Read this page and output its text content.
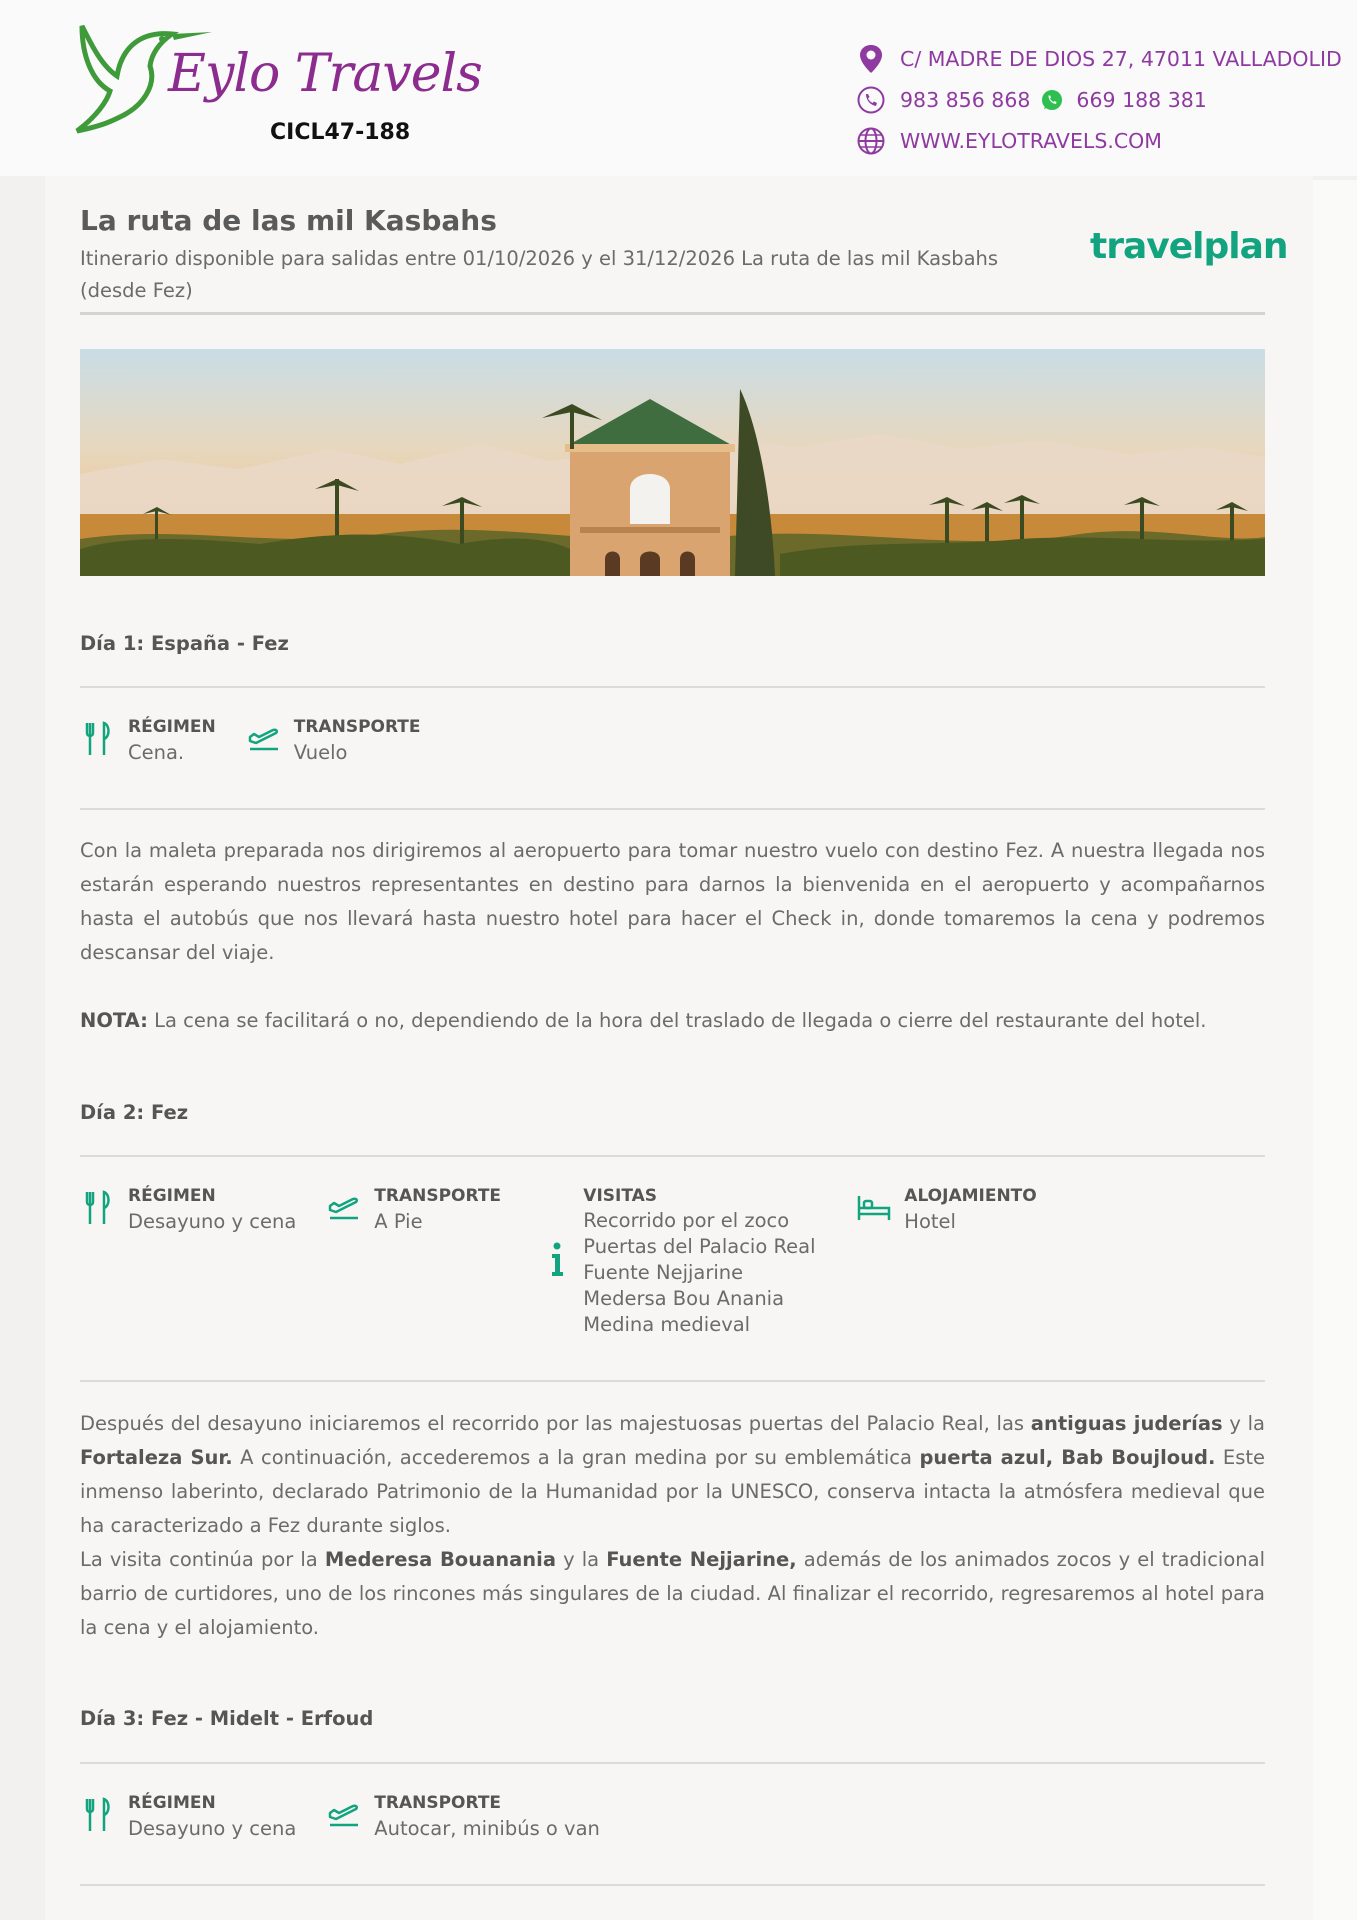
Eylo Travels
CICL47-188
C/ MADRE DE DIOS 27, 47011 VALLADOLID
983 856 868 669 188 381
WWW.EYLOTRAVELS.COM
La ruta de las mil Kasbahs
Itinerario disponible para salidas entre 01/10/2026 y el 31/12/2026 La ruta de las mil Kasbahs (desde Fez)
travelplan
Día 1: España - Fez
RÉGIMEN
Cena.
TRANSPORTE
Vuelo
Con la maleta preparada nos dirigiremos al aeropuerto para tomar nuestro vuelo con destino Fez. A nuestra llegada nos estarán esperando nuestros representantes en destino para darnos la bienvenida en el aeropuerto y acompañarnos hasta el autobús que nos llevará hasta nuestro hotel para hacer el Check in, donde tomaremos la cena y podremos descansar del viaje.
NOTA: La cena se facilitará o no, dependiendo de la hora del traslado de llegada o cierre del restaurante del hotel.
Día 2: Fez
RÉGIMEN
Desayuno y cena
TRANSPORTE
A Pie
VISITAS
Recorrido por el zoco
Puertas del Palacio Real
Fuente Nejjarine
Medersa Bou Anania
Medina medieval
ALOJAMIENTO
Hotel
Después del desayuno iniciaremos el recorrido por las majestuosas puertas del Palacio Real, las antiguas juderías y la Fortaleza Sur. A continuación, accederemos a la gran medina por su emblemática puerta azul, Bab Boujloud. Este inmenso laberinto, declarado Patrimonio de la Humanidad por la UNESCO, conserva intacta la atmósfera medieval que ha caracterizado a Fez durante siglos.
La visita continúa por la Mederesa Bouanania y la Fuente Nejjarine, además de los animados zocos y el tradicional barrio de curtidores, uno de los rincones más singulares de la ciudad. Al finalizar el recorrido, regresaremos al hotel para la cena y el alojamiento.
Día 3: Fez - Midelt - Erfoud
RÉGIMEN
Desayuno y cena
TRANSPORTE
Autocar, minibús o van
